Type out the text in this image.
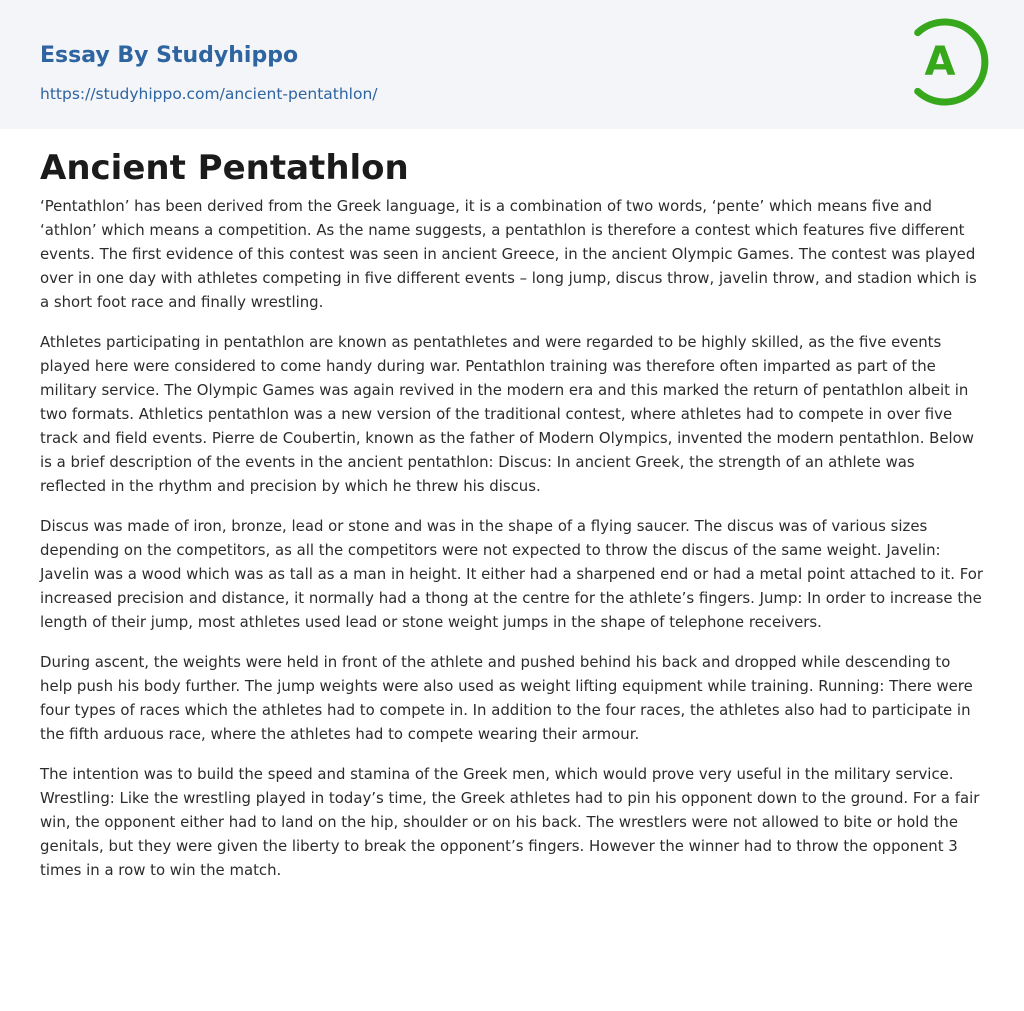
Essay By Studyhippo
https://studyhippo.com/ancient-pentathlon/
A
Ancient Pentathlon

‘Pentathlon’ has been derived from the Greek language, it is a combination of two words, ‘pente’ which means five and ‘athlon’ which means a competition. As the name suggests, a pentathlon is therefore a contest which features five different events. The first evidence of this contest was seen in ancient Greece, in the ancient Olympic Games. The contest was played over in one day with athletes competing in five different events – long jump, discus throw, javelin throw, and stadion which is a short foot race and finally wrestling.

Athletes participating in pentathlon are known as pentathletes and were regarded to be highly skilled, as the five events played here were considered to come handy during war. Pentathlon training was therefore often imparted as part of the military service. The Olympic Games was again revived in the modern era and this marked the return of pentathlon albeit in two formats. Athletics pentathlon was a new version of the traditional contest, where athletes had to compete in over five track and field events. Pierre de Coubertin, known as the father of Modern Olympics, invented the modern pentathlon. Below is a brief description of the events in the ancient pentathlon: Discus: In ancient Greek, the strength of an athlete was reflected in the rhythm and precision by which he threw his discus.

Discus was made of iron, bronze, lead or stone and was in the shape of a flying saucer. The discus was of various sizes depending on the competitors, as all the competitors were not expected to throw the discus of the same weight. Javelin: Javelin was a wood which was as tall as a man in height. It either had a sharpened end or had a metal point attached to it. For increased precision and distance, it normally had a thong at the centre for the athlete’s fingers. Jump: In order to increase the length of their jump, most athletes used lead or stone weight jumps in the shape of telephone receivers.

During ascent, the weights were held in front of the athlete and pushed behind his back and dropped while descending to help push his body further. The jump weights were also used as weight lifting equipment while training. Running: There were four types of races which the athletes had to compete in. In addition to the four races, the athletes also had to participate in the fifth arduous race, where the athletes had to compete wearing their armour.

The intention was to build the speed and stamina of the Greek men, which would prove very useful in the military service. Wrestling: Like the wrestling played in today’s time, the Greek athletes had to pin his opponent down to the ground. For a fair win, the opponent either had to land on the hip, shoulder or on his back. The wrestlers were not allowed to bite or hold the genitals, but they were given the liberty to break the opponent’s fingers. However the winner had to throw the opponent 3 times in a row to win the match.
